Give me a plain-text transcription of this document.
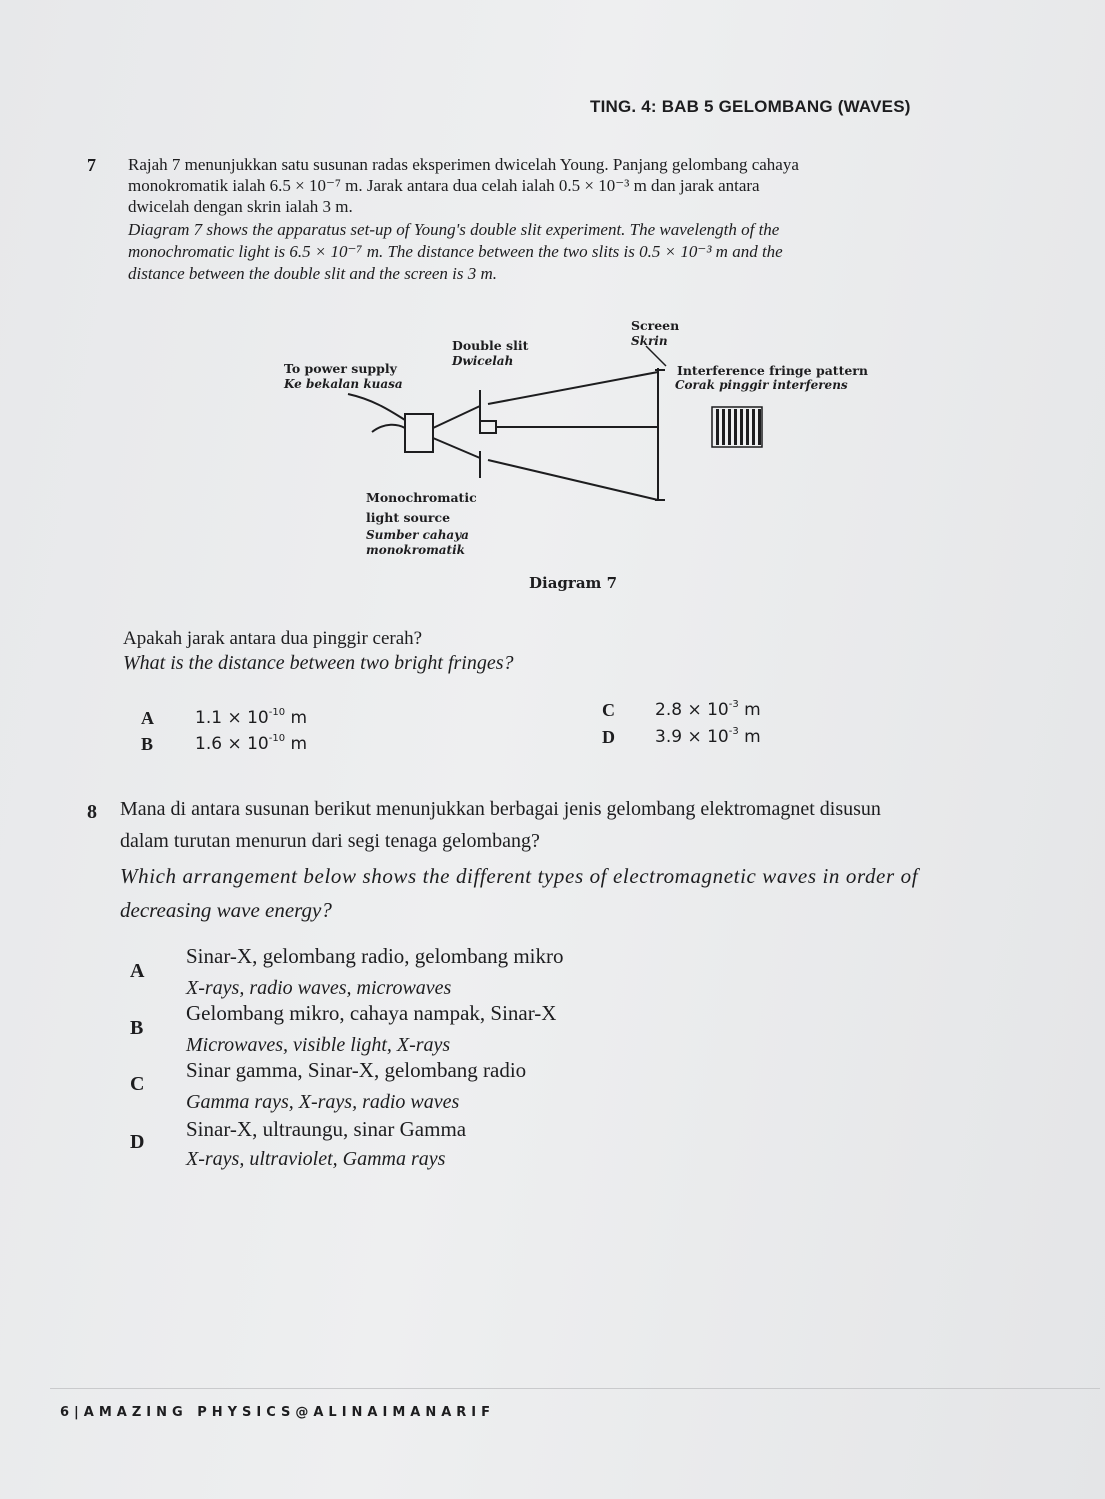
TING. 4: BAB 5 GELOMBANG (WAVES)
7 Rajah 7 menunjukkan satu susunan radas eksperimen dwicelah Young. Panjang gelombang cahaya
monokromatik ialah 6.5 × 10⁻⁷ m. Jarak antara dua celah ialah 0.5 × 10⁻³ m dan jarak antara
dwicelah dengan skrin ialah 3 m.
Diagram 7 shows the apparatus set-up of Young's double slit experiment. The wavelength of the
monochromatic light is 6.5 × 10⁻⁷ m. The distance between the two slits is 0.5 × 10⁻³ m and the
distance between the double slit and the screen is 3 m.
Screen
Skrin
Double slit
Dwicelah
To power supply
Ke bekalan kuasa
Interference fringe pattern
Corak pinggir interferens
Monochromatic
light source
Sumber cahaya
monokromatik
Diagram 7
Apakah jarak antara dua pinggir cerah?
What is the distance between two bright fringes?
A $1.1 \times 10^{-10}$ m
B $1.6 \times 10^{-10}$ m
C $2.8 \times 10^{-3}$ m
D $3.9 \times 10^{-3}$ m
8 Mana di antara susunan berikut menunjukkan berbagai jenis gelombang elektromagnet disusun
dalam turutan menurun dari segi tenaga gelombang?
Which arrangement below shows the different types of electromagnetic waves in order of
decreasing wave energy?
A
Sinar-X, gelombang radio, gelombang mikro
X-rays, radio waves, microwaves
B
Gelombang mikro, cahaya nampak, Sinar-X
Microwaves, visible light, X-rays
C
Sinar gamma, Sinar-X, gelombang radio
Gamma rays, X-rays, radio waves
D
Sinar-X, ultraungu, sinar Gamma
X-rays, ultraviolet, Gamma rays
6|AMAZING PHYSICS@ALINAIMANARIF
